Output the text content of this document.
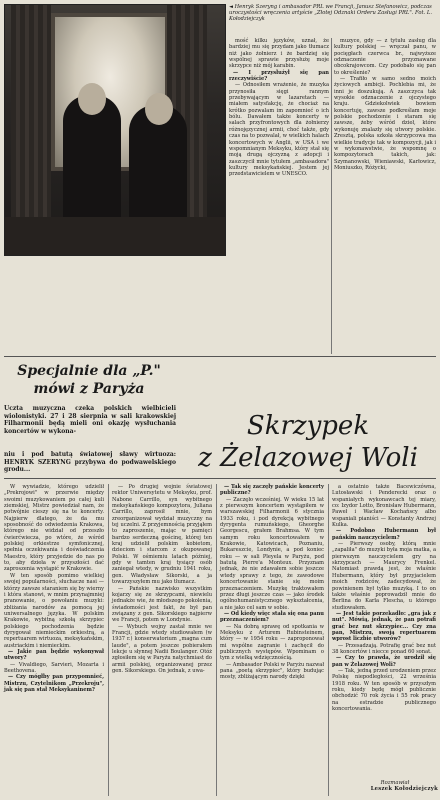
◄ Henryk Szeryng i ambasador PRL we Francji, Janusz Stefanowicz, podczas uroczystości wręczenia artyście „Złotej Odznaki Orderu Zasługi PRL". Fot. L. Kołodziejczyk

mość kilku języków, uznał, że bardziej mu się przydam jako tłumacz niż jako żołnierz i że bardziej się wspólnej sprawie przysłużę moje skrzypce niż mój karabin.

— I przysłużył się pan rzeczywiście?

— Odnosiłem wrażenie, że muzyka przynosiła sięgi rannym przebywającym w lazaretach — miałem satysfakcję, że chociaż na krótko pozwalam im zapomnieć o ich bólu. Dawałem także koncerty w salach przyfrontowych dla żołnierzy różnojęzycznej armii, choć także, gdy czas na to pozwalał, w wielkich halach koncertowych w Anglii, w USA i we wspomnianym Meksyku, który stał się moją drugą ojczyzną z adopcji i zaszczycił mnie tytułem „ambasadora" kultury meksykańskiej. Jestem jej przedstawicielem w UNESCO.

muzyce, gdy — z tytułu zasług dla kultury polskiej — wręczał panu, w pocięgłach czerwca br., najwyższe odznaczenie przyznawane obcokrajowcom. Czy podobało się pan to określenie?

— Trafiło w samo sedno moich życiowych ambicji. Pochlebia mi, że inni je doszukują. A zaszczyca tak wysokie odznaczenie z ojczystego kraju. Gdziekolwiek bowiem koncertuję, zawsze podkreślam moje polskie pochodzenie i staram się zawsze, żeby wśród dzieł, które wykonuję znalazły się utwory polskie. Zresztą, polska szkoła skrzypcowa ma wielkie tradycje tak w kompozycji, jak i w wykonawstwie, że wspomnę o kompozytorach takich, jak: Szymanowski, Wieniawski, Karłowicz, Moniuszko, Różycki,

Specjalnie dla „P." mówi z Paryża
Skrzypek
z Żelazowej Woli
Uczta muzyczna czeka polskich wielbicieli wiolonistyki. 27 i 28 sierpnia w sali krakowskiej Filharmonii będą mieli oni okazję wysłuchania koncertów w wykona-
niu i pod batutą światowej sławy wirtuoza: HENRYK SZERYNG przybywa do podwawelskiego grodu...

W wywiadzie, którego udzielił „Prekrojowi" w przerwie między swoimi muzykowaniem po całej kuli ziemskiej, Mistrz powiedział nam, że potwójnie cieszy się na te koncerty. Najpierw dlatego, że da mu sposobność do odwiedzenia Krakowa, którego nie widział od przeszło ćwierćwiecza, po wtóre, że wśród polskiej orkiestrze symfonicznej, spełnia oczekiwania i doświadczenia Maestro, który przyjedzie do nas po to, aby dzieła w przyszłości dać zaproszenia wystąpić w Krakowie.

W ten sposób pomimo wielkiej swojej popularności, słuchacze nasi — którzy zawsze staraniem się by wierny i która stanowi, w mnim przynajmniej pranowanie, o powołaniu muzyki: zbliżania narodów za pomocą jej uniwersalnego języka. W polskim Krakowie, wybitną szkołą skrzypiec polskiego pochodzenia będzie dyrygował niemieckim orkiestrą, a repertuarem wirtuoza, meksykańskim, austriackim i niemieckim.

— Jakie pan będzie wykonywał utwory?

— Vivaldiego, Sarvieri, Mozarta i Beethovena.

— Czy mógłby pan przypomnieć, Mistrzu, Czytelnikom „Przekroju", jak się pan stał Meksykaninem?

— Po drugiej wojnie światowej rektor Uniwersytetu w Meksyku, prof. Nabone Carrillo, syn wybitnego meksykańskiego kompozytora, Juliana Carrillo, zaprosił mnie, bym zreorganizował wydział muzyczny na tej uczelni. Z przyjemnością przyjąłem to zaproszenie, mając w pamięci bardzo serdeczną gościnę, której ten kraj udzielił polskim kobietom, dzieciom i starcom z okupowanej Polski. W ośmiemiu latach później, gdy w tamten kraj tysiący osób zaniegał wtedy, w grudniu 1941 roku, gen. Władysław Sikorski, a ja towarzyszyłem mu jako tłumacz.

— Pańskie nazwisko wszystkim kojarzy się ze skrzypcami, niewielu jednakże wie, że młodszego pokolenia, świadomości jest fakt, że był pan związany z gen. Sikorskiego najpierw we Francji, potem w Londynie.

— Wybuch wojny zastał mnie we Francji, gdzie wtedy studiowałem (w 1937 r.) konserwatorium „magna cum laude", a potem jeszcze pobierałem lekcje u słynnej Nadii Boulanger. Otóż zgłosiłem się w Paryżu natychmiast do armii polskiej, organizowanej przez gen. Sikorskiego. On jednak, z uwa-

— Tak się zaczęły pańskie koncerty publiczne?

— Zaczęło wcześniej. W wieku 15 lat z pierwszym koncertem wystąpiłem w warszawskiej Filharmonii 6 stycznia 1933 roku, i pod dyrekcją wybitnego dyrygenta rumuńskiego, Gheorghe Georgescu, grałem Brahmsa. W tym samym roku koncertowałem w Krakowie, Katowicach, Poznaniu, Bukareszcie, Londynie, a pod koniec roku — w sali Pleyela w Paryżu, pod batutą Pierre'a Monteux. Przyznam jednak, że nie zdawałem sobie jeszcze wtedy sprawy z tego, że zawodowe koncertowanie stanie się moim przeznaczeniem. Muzykę traktowałem przez długi jeszcze czas — jako środek ogólnohumanistycznego wykształcenia, a nie jako cel sam w sobie.

— Od kiedy więc stała się ona panu przeznaczeniem?

— Na dobrą sprawę od spotkania w Meksyku z Arturem Rubinsteinem, który — w 1954 roku — zaproponował mi wspólne zagranie i zachęcił do publicznych występów. Wpominam o tym z wielką wdzięcznością.

— Ambasador Polski w Paryżu nazwał pana „poetą skrzypiec", który budując mosty, zbliżającym narody dzięki

a ostatnio także Bacewiczówna, Lutosławski i Penderecki oraz o wspaniałych wykonawcach tej miary, co: Izydor Lotto, Bronisław Hubermann, Paweł i Wacław Kochańscy albo wspaniali pianiści — Konstanty Andrzej Kulka.

— Podobno Hubermann był pańskim nauczycielem?

— Pierwszy osoby, którą mnie „zapaliła" do muzyki była moja matka, a pierwszym nauczycielem gry na skrzypcach — Maurycy Frenkel. Natomiast prawdą jest, że właśnie Hubermann, który był przyjacielem moich rodziców, zadecydował, że powinienem był tylko muzyką. I to on także właśnie poprowadził mnie do Berlina do Karla Flescha, u którego studiowałem.

— Jest takie porzekadło: „gra jak z nut". Mówią, jednak, że pan potrafi grać bez nut skrzypiec... Czy zna pan, Mistrzu, swoją repertuarem wprost liczbie utworów?

— Przesadzają. Potrafię grać bez nut 38 koncertów i niecce ponad 60 sonat.

— Czy to prawda, że urodził się pan w Żelazowej Woli?

— Tak, jedną przed urodzeniem przez Polskę niepodległości, 22 września 1918 roku. W ten sposób w przyszłym roku, kiedy będę mógł publicznie obchodzić 70 rok życia i 55 rok pracy na estradzie publicznego koncertowania.

Rozmawiał
Leszek Kołodziejczyk
